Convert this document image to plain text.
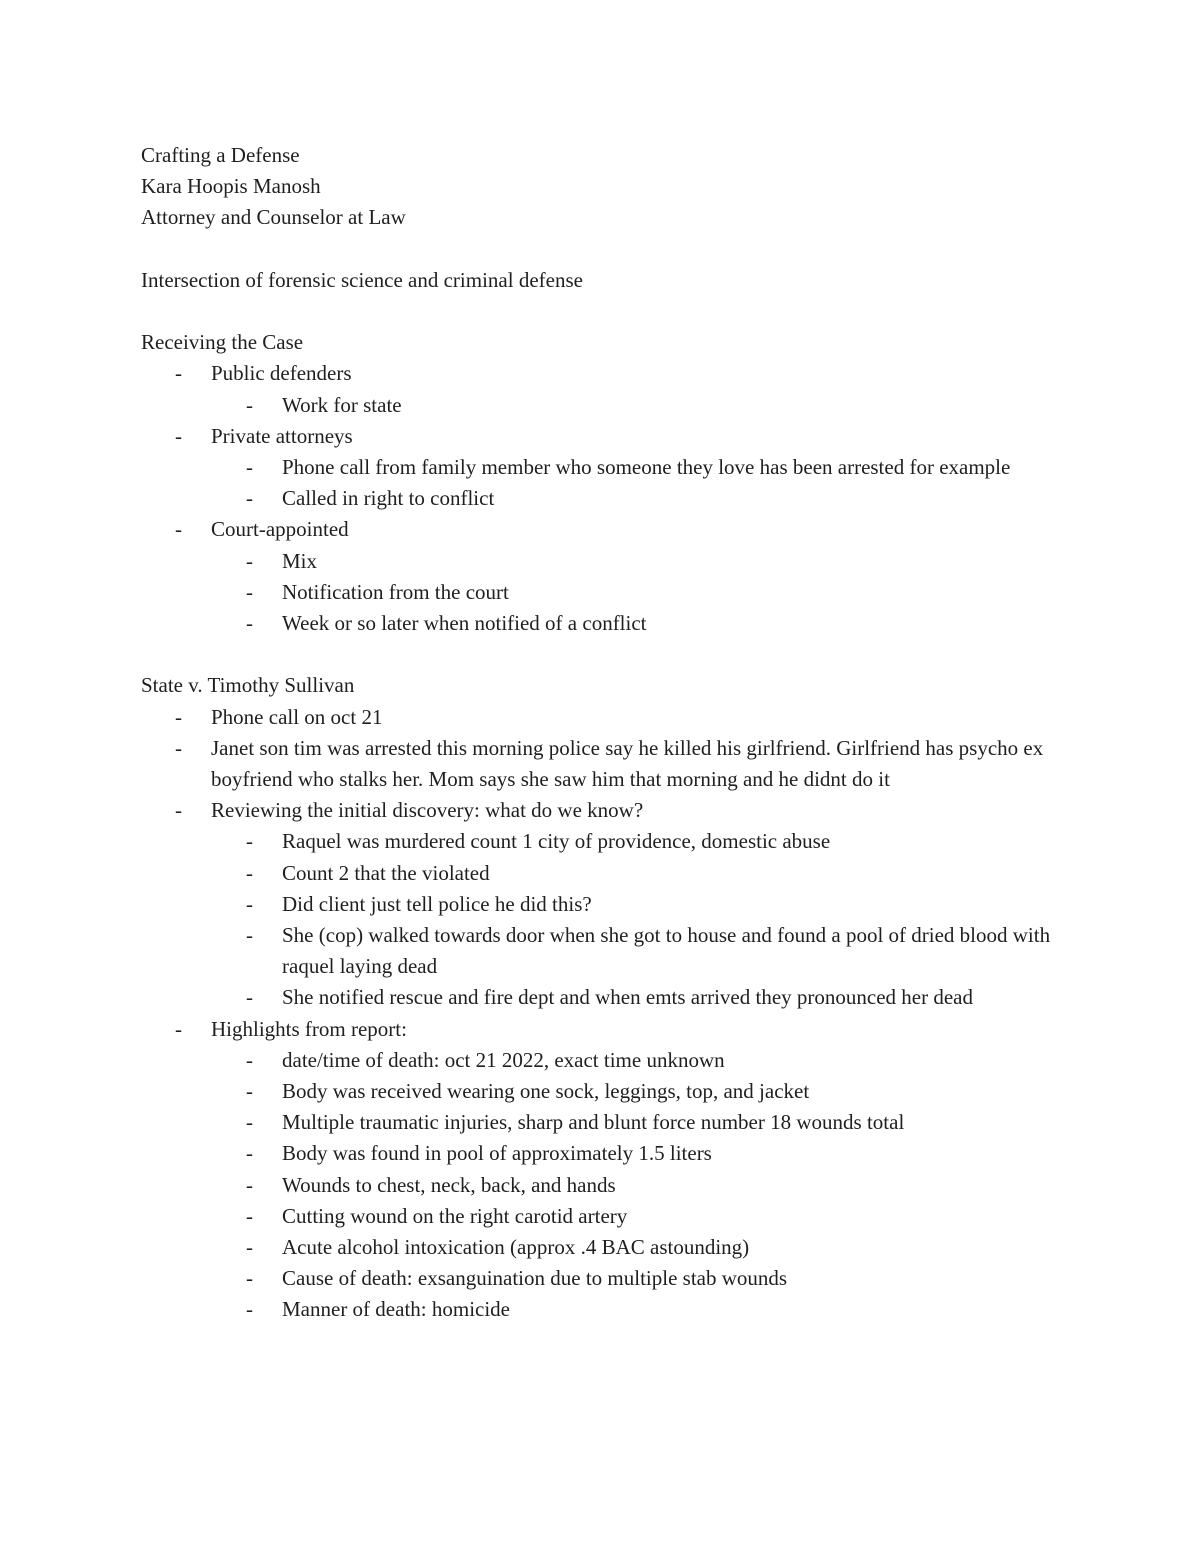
Crafting a Defense

Kara Hoopis Manosh

Attorney and Counselor at Law

Intersection of forensic science and criminal defense

Receiving the Case

- Public defenders
- Work for state
- Private attorneys
- Phone call from family member who someone they love has been arrested for example
- Called in right to conflict
- Court-appointed
- Mix
- Notification from the court
- Week or so later when notified of a conflict

State v. Timothy Sullivan

- Phone call on oct 21
- Janet son tim was arrested this morning police say he killed his girlfriend. Girlfriend has psycho ex boyfriend who stalks her. Mom says she saw him that morning and he didnt do it
- Reviewing the initial discovery: what do we know?
- Raquel was murdered count 1 city of providence, domestic abuse
- Count 2 that the violated
- Did client just tell police he did this?
- She (cop) walked towards door when she got to house and found a pool of dried blood with raquel laying dead
- She notified rescue and fire dept and when emts arrived they pronounced her dead
- Highlights from report:
- date/time of death: oct 21 2022, exact time unknown
- Body was received wearing one sock, leggings, top, and jacket
- Multiple traumatic injuries, sharp and blunt force number 18 wounds total
- Body was found in pool of approximately 1.5 liters
- Wounds to chest, neck, back, and hands
- Cutting wound on the right carotid artery
- Acute alcohol intoxication (approx .4 BAC astounding)
- Cause of death: exsanguination due to multiple stab wounds
- Manner of death: homicide
